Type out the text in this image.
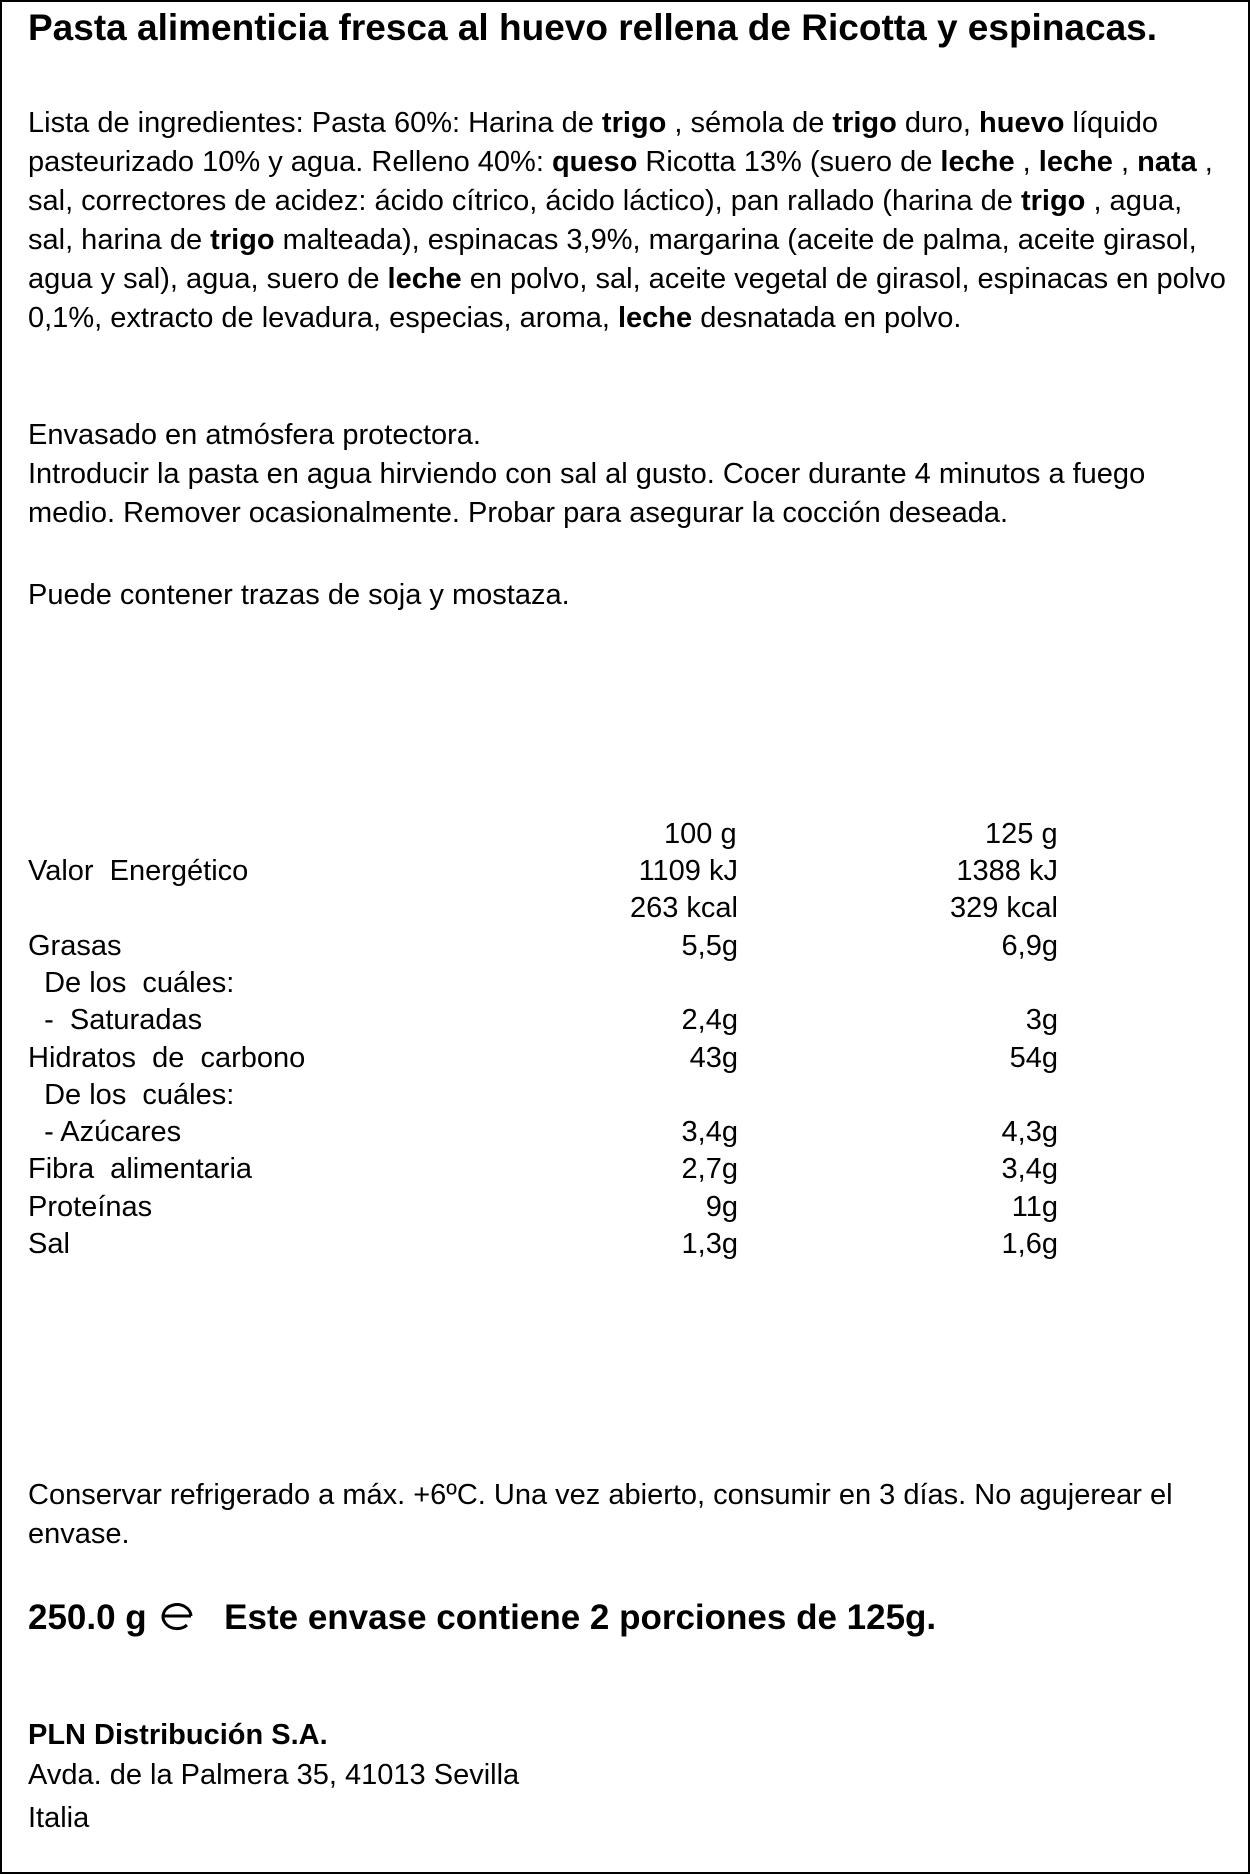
Pasta alimenticia fresca al huevo rellena de Ricotta y espinacas.
Lista de ingredientes: Pasta 60%: Harina de trigo , sémola de trigo duro, huevo líquido pasteurizado 10% y agua. Relleno 40%: queso Ricotta 13% (suero de leche , leche , nata , sal, correctores de acidez: ácido cítrico, ácido láctico), pan rallado (harina de trigo , agua, sal, harina de trigo malteada), espinacas 3,9%, margarina (aceite de palma, aceite girasol, agua y sal), agua, suero de leche en polvo, sal, aceite vegetal de girasol, espinacas en polvo 0,1%, extracto de levadura, especias, aroma, leche desnatada en polvo.
Envasado en atmósfera protectora.
Introducir la pasta en agua hirviendo con sal al gusto. Cocer durante 4 minutos a fuego medio. Remover ocasionalmente. Probar para asegurar la cocción deseada.
Puede contener trazas de soja y mostaza.
100 g	125 g
Valor  Energético	1109 kJ	1388 kJ
263 kcal	329 kcal
Grasas	5,5g	6,9g
De los  cuáles:
-  Saturadas	2,4g	3g
Hidratos  de  carbono	43g	54g
De los  cuáles:
- Azúcares	3,4g	4,3g
Fibra  alimentaria	2,7g	3,4g
Proteínas	9g	11g
Sal	1,3g	1,6g
Conservar refrigerado a máx. +6ºC. Una vez abierto, consumir en 3 días. No agujerear el envase.
250.0 g Este envase contiene 2 porciones de 125g.
PLN Distribución S.A.
Avda. de la Palmera 35, 41013 Sevilla
Italia
